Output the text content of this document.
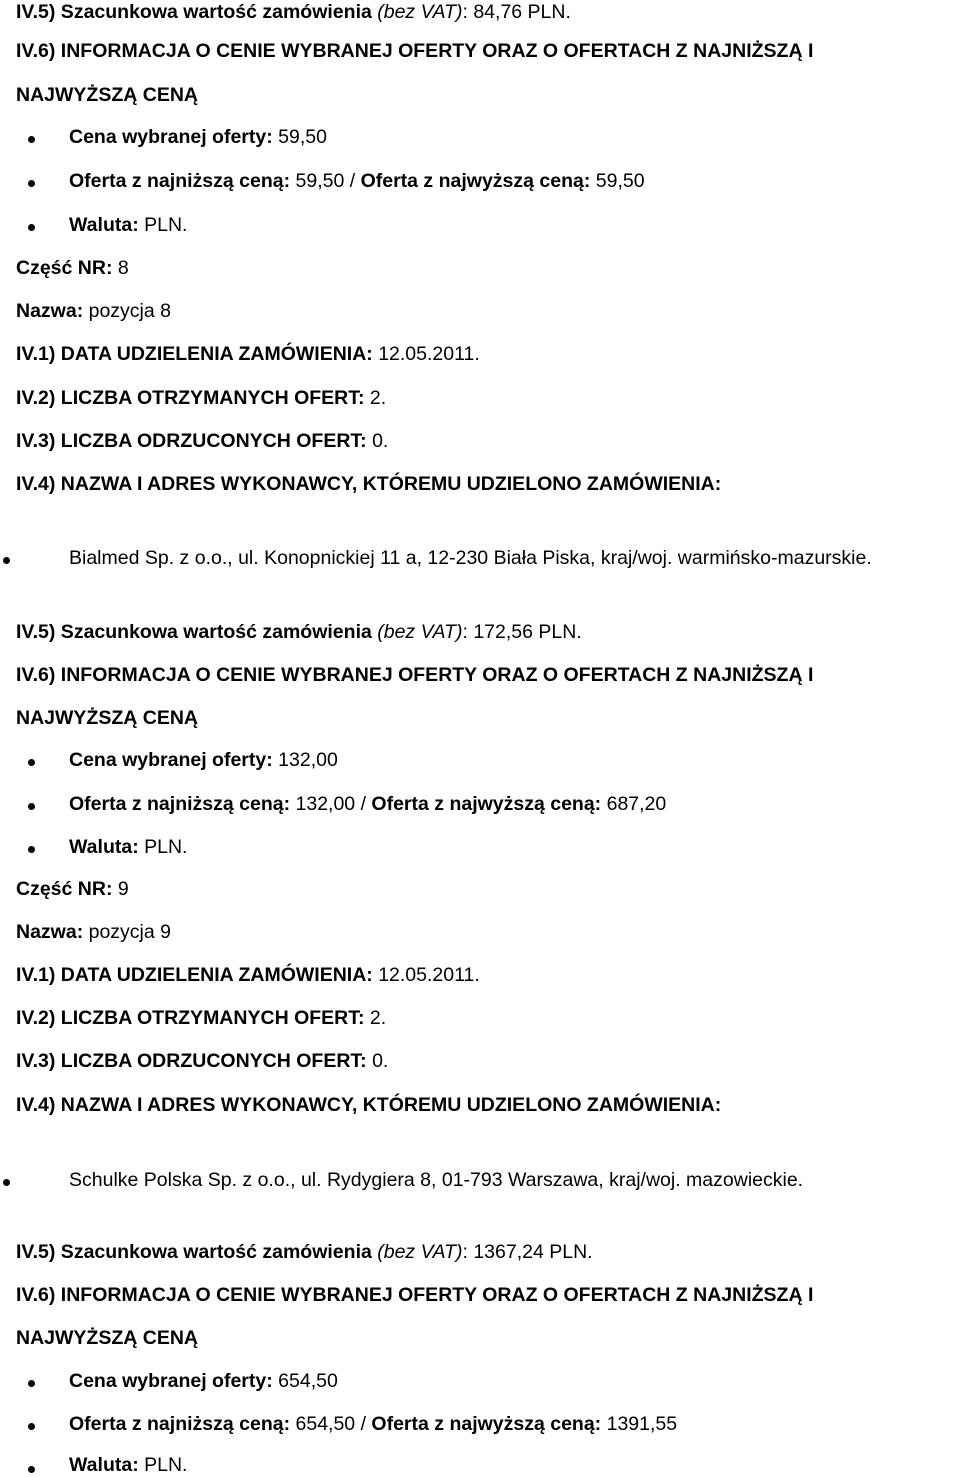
IV.5) Szacunkowa wartość zamówienia (bez VAT): 84,76 PLN.
IV.6) INFORMACJA O CENIE WYBRANEJ OFERTY ORAZ O OFERTACH Z NAJNIŻSZĄ I
NAJWYŻSZĄ CENĄ
Cena wybranej oferty: 59,50
Oferta z najniższą ceną: 59,50 / Oferta z najwyższą ceną: 59,50
Waluta: PLN.
Część NR: 8
Nazwa: pozycja 8
IV.1) DATA UDZIELENIA ZAMÓWIENIA: 12.05.2011.
IV.2) LICZBA OTRZYMANYCH OFERT: 2.
IV.3) LICZBA ODRZUCONYCH OFERT: 0.
IV.4) NAZWA I ADRES WYKONAWCY, KTÓREMU UDZIELONO ZAMÓWIENIA:
Bialmed Sp. z o.o., ul. Konopnickiej 11 a, 12-230 Biała Piska, kraj/woj. warmińsko-mazurskie.
IV.5) Szacunkowa wartość zamówienia (bez VAT): 172,56 PLN.
IV.6) INFORMACJA O CENIE WYBRANEJ OFERTY ORAZ O OFERTACH Z NAJNIŻSZĄ I
NAJWYŻSZĄ CENĄ
Cena wybranej oferty: 132,00
Oferta z najniższą ceną: 132,00 / Oferta z najwyższą ceną: 687,20
Waluta: PLN.
Część NR: 9
Nazwa: pozycja 9
IV.1) DATA UDZIELENIA ZAMÓWIENIA: 12.05.2011.
IV.2) LICZBA OTRZYMANYCH OFERT: 2.
IV.3) LICZBA ODRZUCONYCH OFERT: 0.
IV.4) NAZWA I ADRES WYKONAWCY, KTÓREMU UDZIELONO ZAMÓWIENIA:
Schulke Polska Sp. z o.o., ul. Rydygiera 8, 01-793 Warszawa, kraj/woj. mazowieckie.
IV.5) Szacunkowa wartość zamówienia (bez VAT): 1367,24 PLN.
IV.6) INFORMACJA O CENIE WYBRANEJ OFERTY ORAZ O OFERTACH Z NAJNIŻSZĄ I
NAJWYŻSZĄ CENĄ
Cena wybranej oferty: 654,50
Oferta z najniższą ceną: 654,50 / Oferta z najwyższą ceną: 1391,55
Waluta: PLN.
